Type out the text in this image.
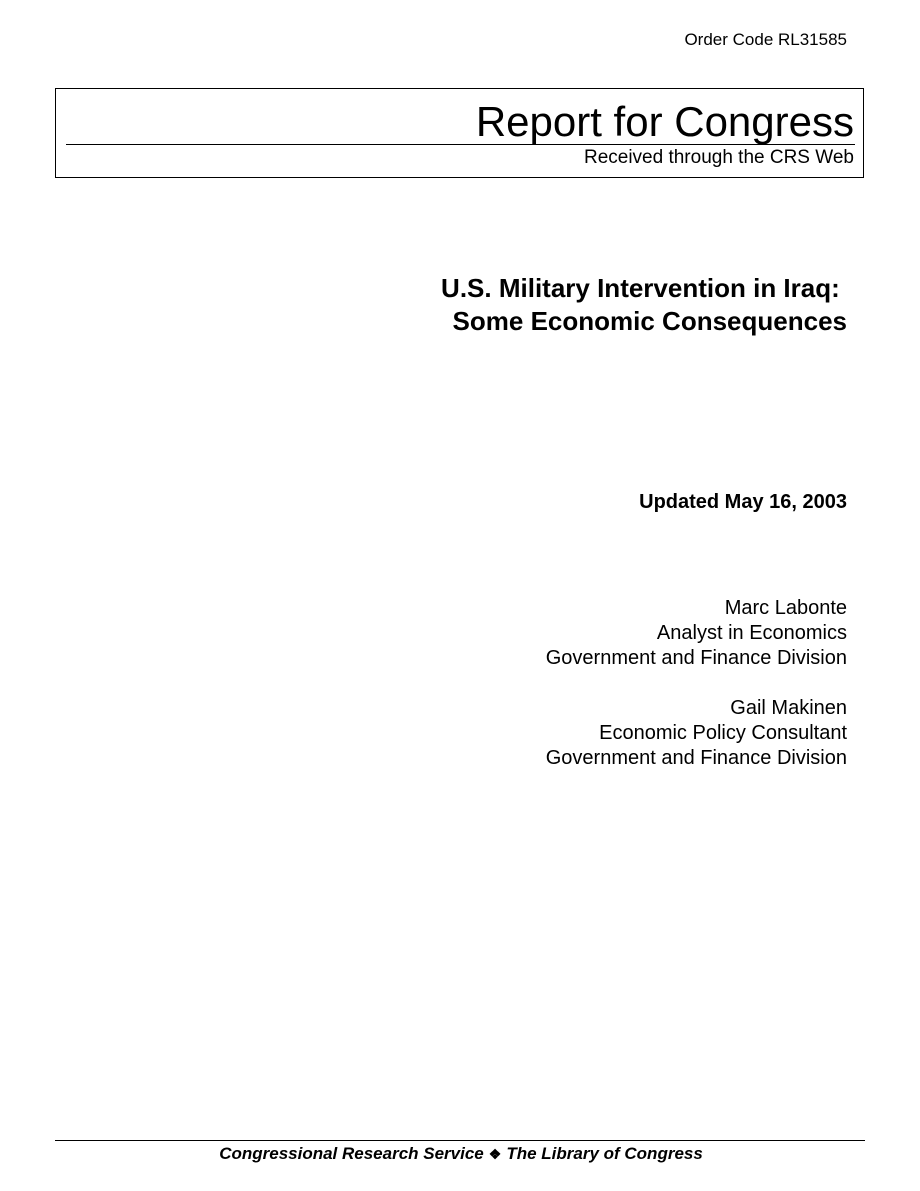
Order Code RL31585
Report for Congress
Received through the CRS Web
U.S. Military Intervention in Iraq:
Some Economic Consequences
Updated May 16, 2003
Marc Labonte
Analyst in Economics
Government and Finance Division
Gail Makinen
Economic Policy Consultant
Government and Finance Division
Congressional Research Service ❖ The Library of Congress
